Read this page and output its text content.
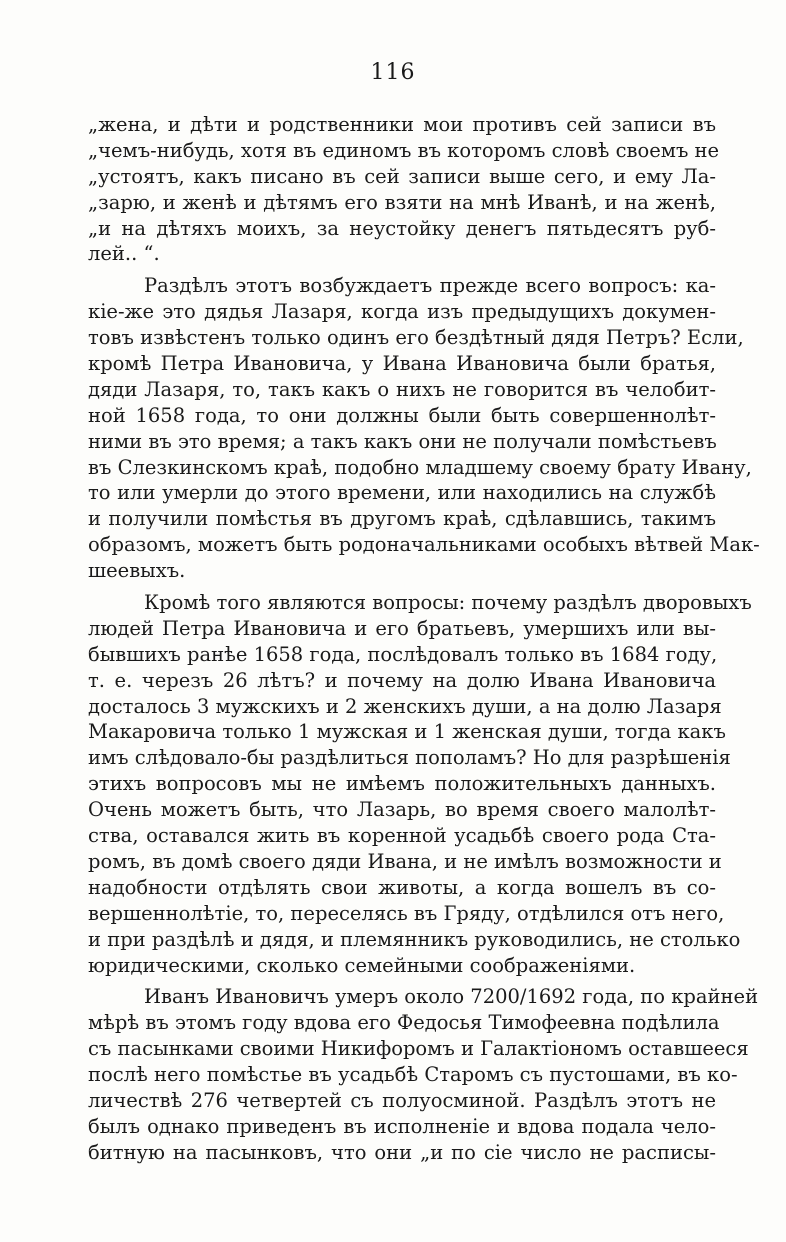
116
„жена, и дѣти и родственники мои противъ сей записи въ
„чемъ-нибудь, хотя въ единомъ въ которомъ словѣ своемъ не
„устоятъ, какъ писано въ сей записи выше сего, и ему Ла-
„зарю, и женѣ и дѣтямъ его взяти на мнѣ Иванѣ, и на женѣ,
„и на дѣтяхъ моихъ, за неустойку денегъ пятьдесятъ руб-
лей.. “.
Раздѣлъ этотъ возбуждаетъ прежде всего вопросъ: ка-
кіе-же это дядья Лазаря, когда изъ предыдущихъ докумен-
товъ извѣстенъ только одинъ его бездѣтный дядя Петръ? Если,
кромѣ Петра Ивановича, у Ивана Ивановича были братья,
дяди Лазаря, то, такъ какъ о нихъ не говорится въ челобит-
ной 1658 года, то они должны были быть совершеннолѣт-
ними въ это время; а такъ какъ они не получали помѣстьевъ
въ Слезкинскомъ краѣ, подобно младшему своему брату Ивану,
то или умерли до этого времени, или находились на службѣ
и получили помѣстья въ другомъ краѣ, сдѣлавшись, такимъ
образомъ, можетъ быть родоначальниками особыхъ вѣтвей Мак-
шеевыхъ.
Кромѣ того являются вопросы: почему раздѣлъ дворовыхъ
людей Петра Ивановича и его братьевъ, умершихъ или вы-
бывшихъ ранѣе 1658 года, послѣдовалъ только въ 1684 году,
т. е. черезъ 26 лѣтъ? и почему на долю Ивана Ивановича
досталось 3 мужскихъ и 2 женскихъ души, а на долю Лазаря
Макаровича только 1 мужская и 1 женская души, тогда какъ
имъ слѣдовало-бы раздѣлиться пополамъ? Но для разрѣшенія
этихъ вопросовъ мы не имѣемъ положительныхъ данныхъ.
Очень можетъ быть, что Лазарь, во время своего малолѣт-
ства, оставался жить въ коренной усадьбѣ своего рода Ста-
ромъ, въ домѣ своего дяди Ивана, и не имѣлъ возможности и
надобности отдѣлять свои животы, а когда вошелъ въ со-
вершеннолѣтіе, то, переселясь въ Гряду, отдѣлился отъ него,
и при раздѣлѣ и дядя, и племянникъ руководились, не столько
юридическими, сколько семейными соображеніями.
Иванъ Ивановичъ умеръ около 7200/1692 года, по крайней
мѣрѣ въ этомъ году вдова его Федосья Тимофеевна подѣлила
съ пасынками своими Никифоромъ и Галактіономъ оставшееся
послѣ него помѣстье въ усадьбѣ Старомъ съ пустошами, въ ко-
личествѣ 276 четвертей съ полуосминой. Раздѣлъ этотъ не
былъ однако приведенъ въ исполненіе и вдова подала чело-
битную на пасынковъ, что они „и по сіе число не расписы-
